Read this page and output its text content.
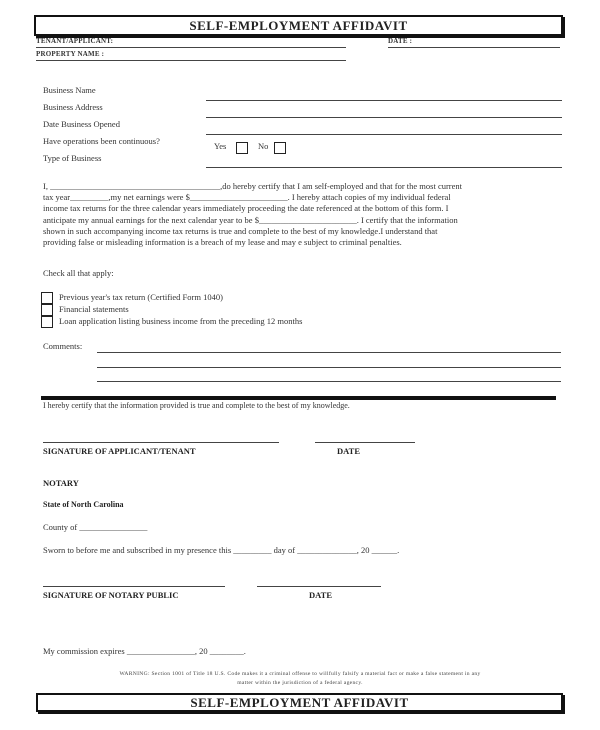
SELF-EMPLOYMENT AFFIDAVIT
TENANT/APPLICANT:	DATE :
PROPERTY NAME :
Business Name
Business Address
Date Business Opened
Have operations been continuous?	Yes	No
Type of Business
I, ________________________________________,do hereby certify that I am self-employed and that for the most current
tax year_________,my net earnings were $_______________________. I hereby attach copies of my individual federal
income tax returns for the three calendar years immediately proceeding the date referenced at the bottom of this form. I
anticipate my annual earnings for the next calendar year to be $_______________________. I certify that the information
shown in such accompanying income tax returns is true and complete to the best of my knowledge.I understand that
providing false or misleading information is a breach of my lease and may e subject to criminal penalties.
Check all that apply:
Previous year's tax return (Certified Form 1040)
Financial statements
Loan application listing business income from the preceding 12 months
Comments:
I hereby certify that the information provided is true and complete to the best of my knowledge.
SIGNATURE OF APPLICANT/TENANT	DATE
NOTARY
State of North Carolina
County of ________________
Sworn to before me and subscribed in my presence this _________ day of ______________, 20 ______.
SIGNATURE OF NOTARY PUBLIC	DATE
My commission expires ________________, 20 ________.
WARNING: Section 1001 of Title 18 U.S. Code makes it a criminal offense to willfully falsify a material fact or make a false statement in any
matter within the jurisdiction of a federal agency.
SELF-EMPLOYMENT AFFIDAVIT
